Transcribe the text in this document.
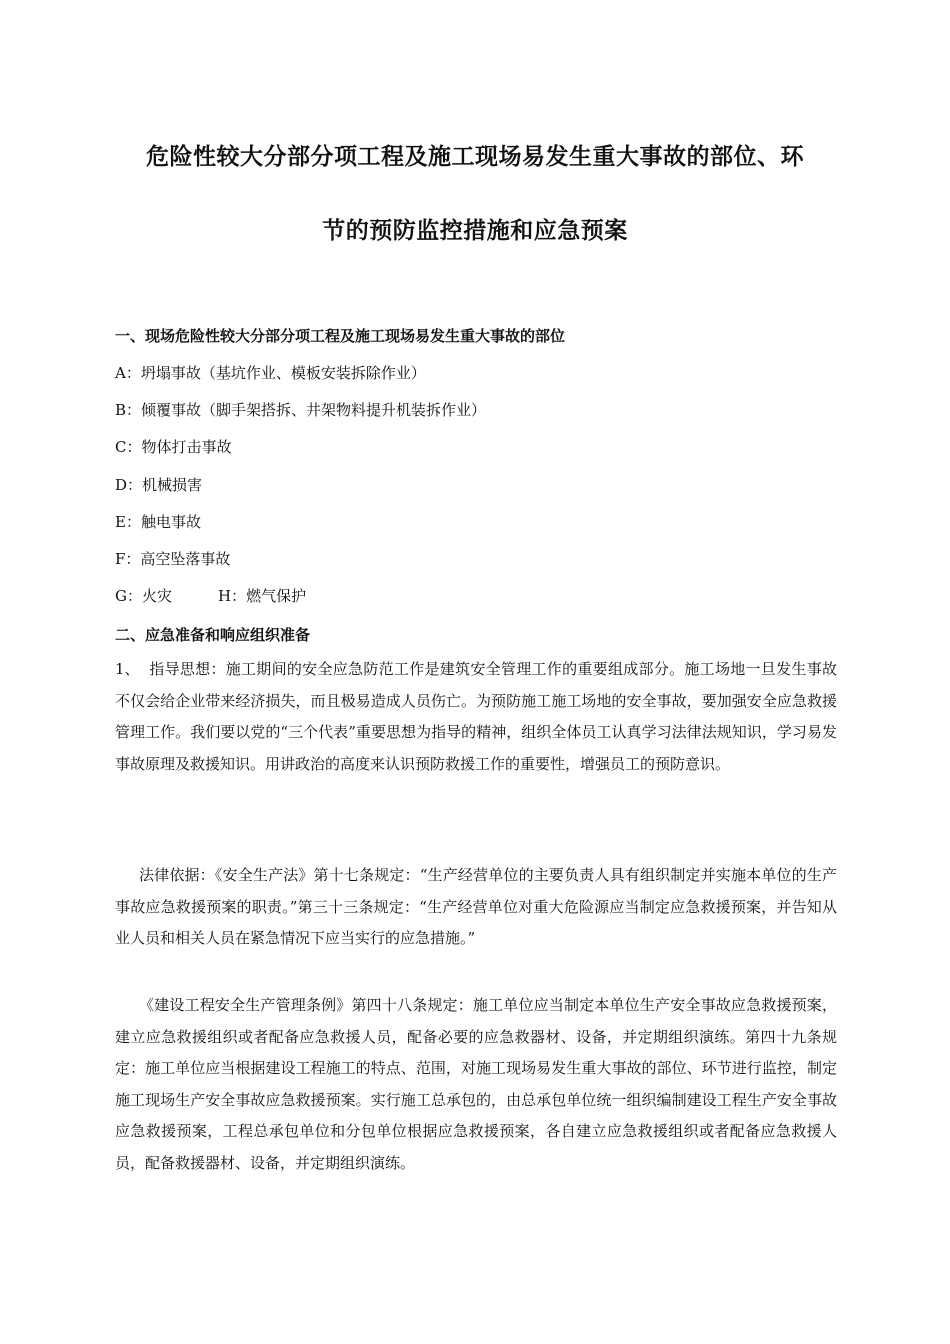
危险性较大分部分项工程及施工现场易发生重大事故的部位、环
节的预防监控措施和应急预案
一、现场危险性较大分部分项工程及施工现场易发生重大事故的部位

A：坍塌事故（基坑作业、模板安装拆除作业）

B：倾覆事故（脚手架搭拆、井架物料提升机装拆作业）

C：物体打击事故

D：机械损害

E：触电事故

F：高空坠落事故

G：火灾	H：燃气保护

二、应急准备和响应组织准备

1、 指导思想：施工期间的安全应急防范工作是建筑安全管理工作的重要组成部分。施工场地一旦发生事故不仅会给企业带来经济损失，而且极易造成人员伤亡。为预防施工施工场地的安全事故，要加强安全应急救援管理工作。我们要以党的“三个代表”重要思想为指导的精神，组织全体员工认真学习法律法规知识，学习易发事故原理及救援知识。用讲政治的高度来认识预防救援工作的重要性，增强员工的预防意识。

法律依据：《安全生产法》第十七条规定：“生产经营单位的主要负责人具有组织制定并实施本单位的生产事故应急救援预案的职责。”第三十三条规定：“生产经营单位对重大危险源应当制定应急救援预案，并告知从业人员和相关人员在紧急情况下应当实行的应急措施。”

《建设工程安全生产管理条例》第四十八条规定：施工单位应当制定本单位生产安全事故应急救援预案，建立应急救援组织或者配备应急救援人员，配备必要的应急救器材、设备，并定期组织演练。第四十九条规定：施工单位应当根据建设工程施工的特点、范围，对施工现场易发生重大事故的部位、环节进行监控，制定施工现场生产安全事故应急救援预案。实行施工总承包的，由总承包单位统一组织编制建设工程生产安全事故应急救援预案，工程总承包单位和分包单位根据应急救援预案，各自建立应急救援组织或者配备应急救援人员，配备救援器材、设备，并定期组织演练。
